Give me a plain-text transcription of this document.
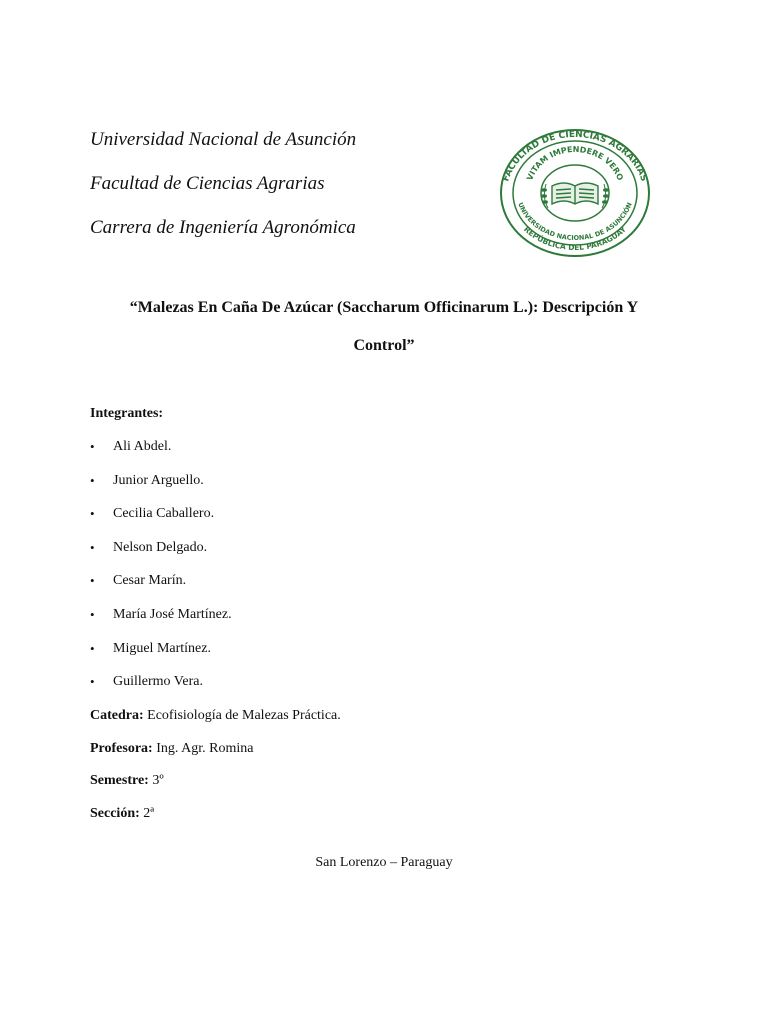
Universidad Nacional de Asunción
Facultad de Ciencias Agrarias
Carrera de Ingeniería Agronómica
FACULTAD DE CIENCIAS AGRARIAS
VITAM IMPENDERE VERO
UNIVERSIDAD NACIONAL DE ASUNCIÓN
REPÚBLICA DEL PARAGUAY
“Malezas En Caña De Azúcar (Saccharum Officinarum L.): Descripción Y
Control”
Integrantes:
• Ali Abdel.
• Junior Arguello.
• Cecilia Caballero.
• Nelson Delgado.
• Cesar Marín.
• María José Martínez.
• Miguel Martínez.
• Guillermo Vera.
Catedra: Ecofisiología de Malezas Práctica.
Profesora: Ing. Agr. Romina
Semestre: 3º
Sección: 2ª
San Lorenzo – Paraguay
